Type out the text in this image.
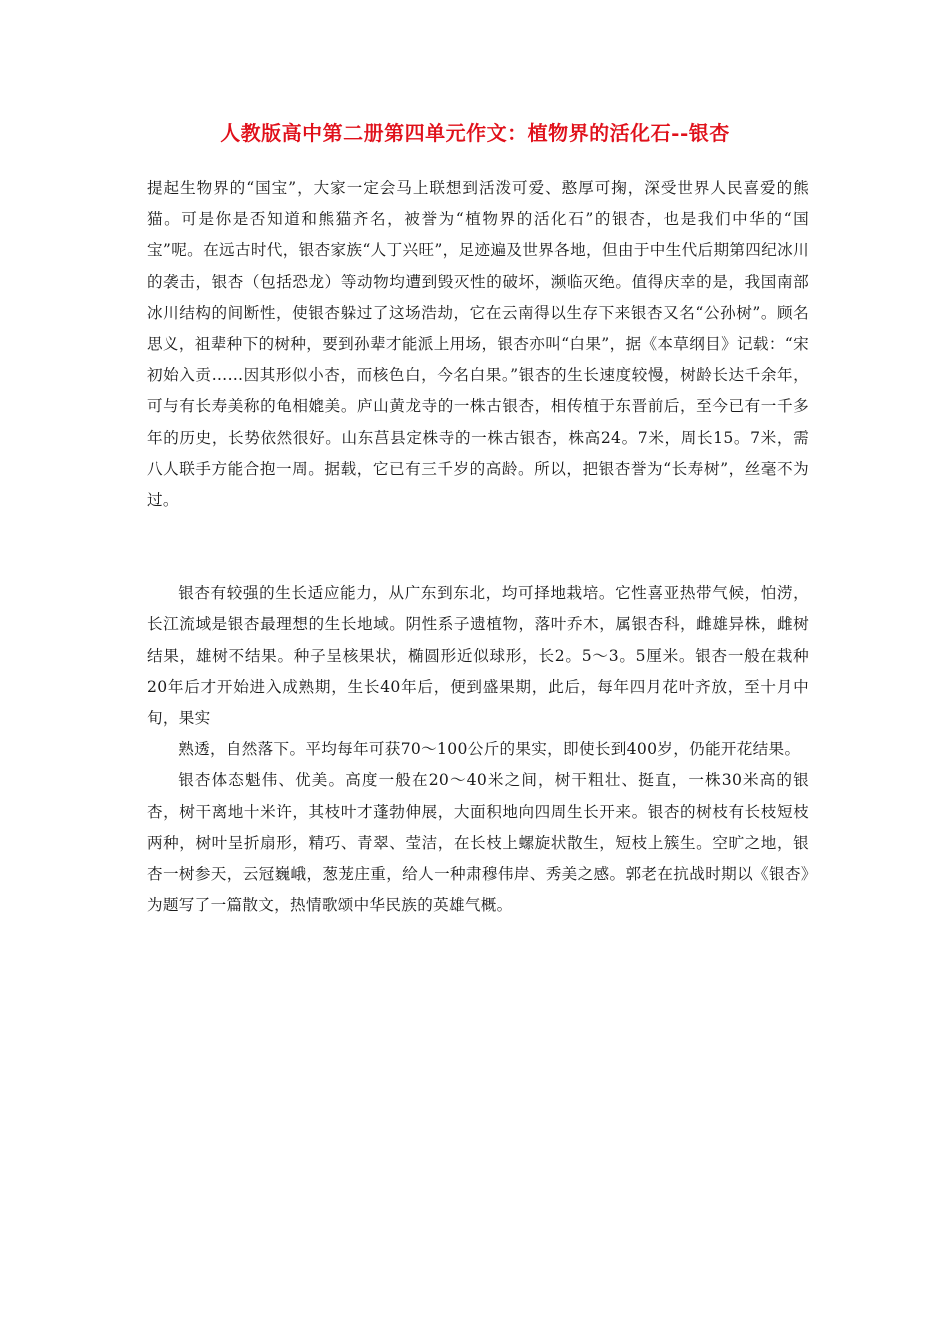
人教版高中第二册第四单元作文：植物界的活化石--银杏

提起生物界的“国宝”，大家一定会马上联想到活泼可爱、憨厚可掬，深受世界人民喜爱的熊猫。可是你是否知道和熊猫齐名，被誉为“植物界的活化石”的银杏，也是我们中华的“国宝”呢。在远古时代，银杏家族“人丁兴旺”，足迹遍及世界各地，但由于中生代后期第四纪冰川的袭击，银杏（包括恐龙）等动物均遭到毁灭性的破坏，濒临灭绝。值得庆幸的是，我国南部冰川结构的间断性，使银杏躲过了这场浩劫，它在云南得以生存下来银杏又名“公孙树”。顾名思义，祖辈种下的树种，要到孙辈才能派上用场，银杏亦叫“白果”，据《本草纲目》记载：“宋初始入贡……因其形似小杏，而核色白，今名白果。”银杏的生长速度较慢，树龄长达千余年，可与有长寿美称的龟相媲美。庐山黄龙寺的一株古银杏，相传植于东晋前后，至今已有一千多年的历史，长势依然很好。山东莒县定株寺的一株古银杏，株高24。7米，周长15。7米，需八人联手方能合抱一周。据载，它已有三千岁的高龄。所以，把银杏誉为“长寿树”，丝毫不为过。

银杏有较强的生长适应能力，从广东到东北，均可择地栽培。它性喜亚热带气候，怕涝，长江流域是银杏最理想的生长地域。阴性系子遗植物，落叶乔木，属银杏科，雌雄异株，雌树结果，雄树不结果。种子呈核果状，椭圆形近似球形，长2。5～3。5厘米。银杏一般在栽种20年后才开始进入成熟期，生长40年后，便到盛果期，此后，每年四月花叶齐放，至十月中旬，果实

熟透，自然落下。平均每年可获70～100公斤的果实，即使长到400岁，仍能开花结果。

银杏体态魁伟、优美。高度一般在20～40米之间，树干粗壮、挺直，一株30米高的银杏，树干离地十米许，其枝叶才蓬勃伸展，大面积地向四周生长开来。银杏的树枝有长枝短枝两种，树叶呈折扇形，精巧、青翠、莹洁，在长枝上螺旋状散生，短枝上簇生。空旷之地，银杏一树参天，云冠巍峨，葱茏庄重，给人一种肃穆伟岸、秀美之感。郭老在抗战时期以《银杏》为题写了一篇散文，热情歌颂中华民族的英雄气概。
